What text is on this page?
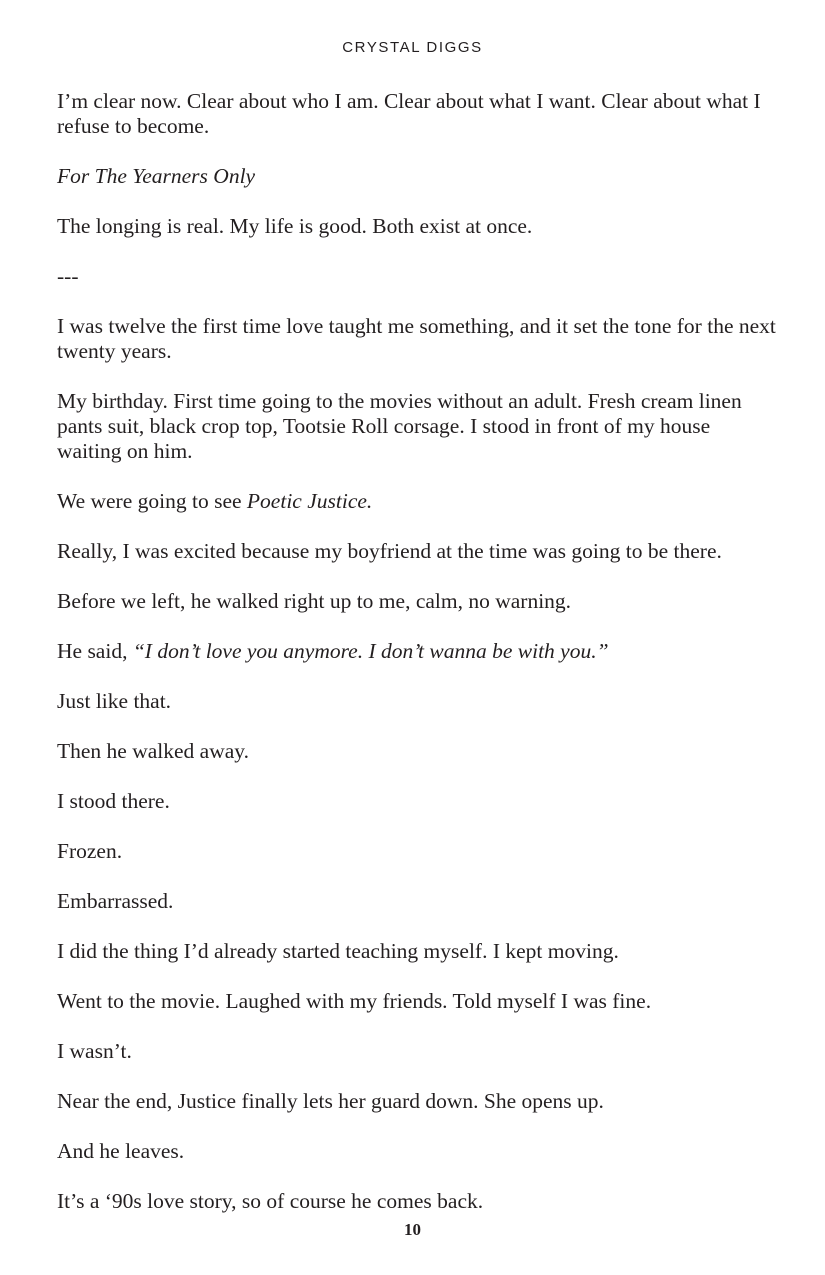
CRYSTAL DIGGS

I’m clear now. Clear about who I am. Clear about what I want. Clear about what I refuse to become.

For The Yearners Only

The longing is real. My life is good. Both exist at once.

---

I was twelve the first time love taught me something, and it set the tone for the next twenty years.

My birthday. First time going to the movies without an adult. Fresh cream linen pants suit, black crop top, Tootsie Roll corsage. I stood in front of my house waiting on him.

We were going to see Poetic Justice.

Really, I was excited because my boyfriend at the time was going to be there.

Before we left, he walked right up to me, calm, no warning.

He said, “I don’t love you anymore. I don’t wanna be with you.”

Just like that.

Then he walked away.

I stood there.

Frozen.

Embarrassed.

I did the thing I’d already started teaching myself. I kept moving.

Went to the movie. Laughed with my friends. Told myself I was fine.

I wasn’t.

Near the end, Justice finally lets her guard down. She opens up.

And he leaves.

It’s a ‘90s love story, so of course he comes back.

10
